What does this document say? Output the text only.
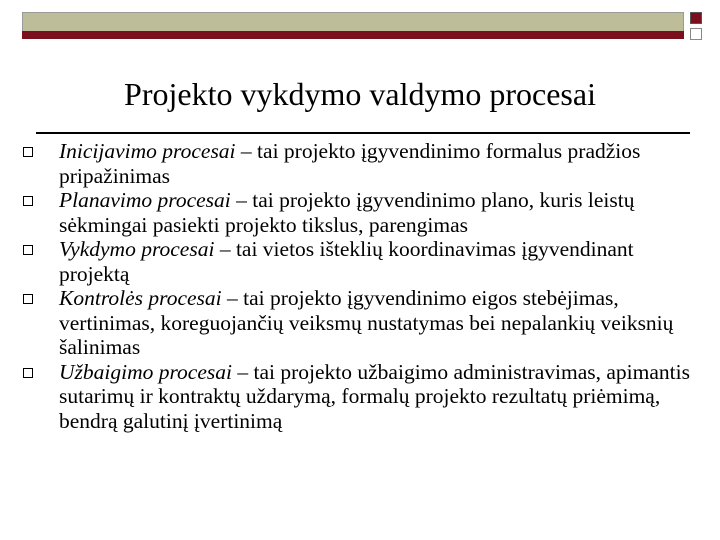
Projekto vykdymo valdymo procesai
Inicijavimo procesai – tai projekto įgyvendinimo formalus pradžios pripažinimas
Planavimo procesai – tai projekto įgyvendinimo plano, kuris leistų sėkmingai pasiekti projekto tikslus, parengimas
Vykdymo procesai – tai vietos išteklių koordinavimas įgyvendinant projektą
Kontrolės procesai – tai projekto įgyvendinimo eigos stebėjimas, vertinimas, koreguojančių veiksmų nustatymas bei nepalankių veiksnių šalinimas
Užbaigimo procesai – tai projekto užbaigimo administravimas, apimantis sutarimų ir kontraktų uždarymą, formalų projekto rezultatų priėmimą, bendrą galutinį įvertinimą
